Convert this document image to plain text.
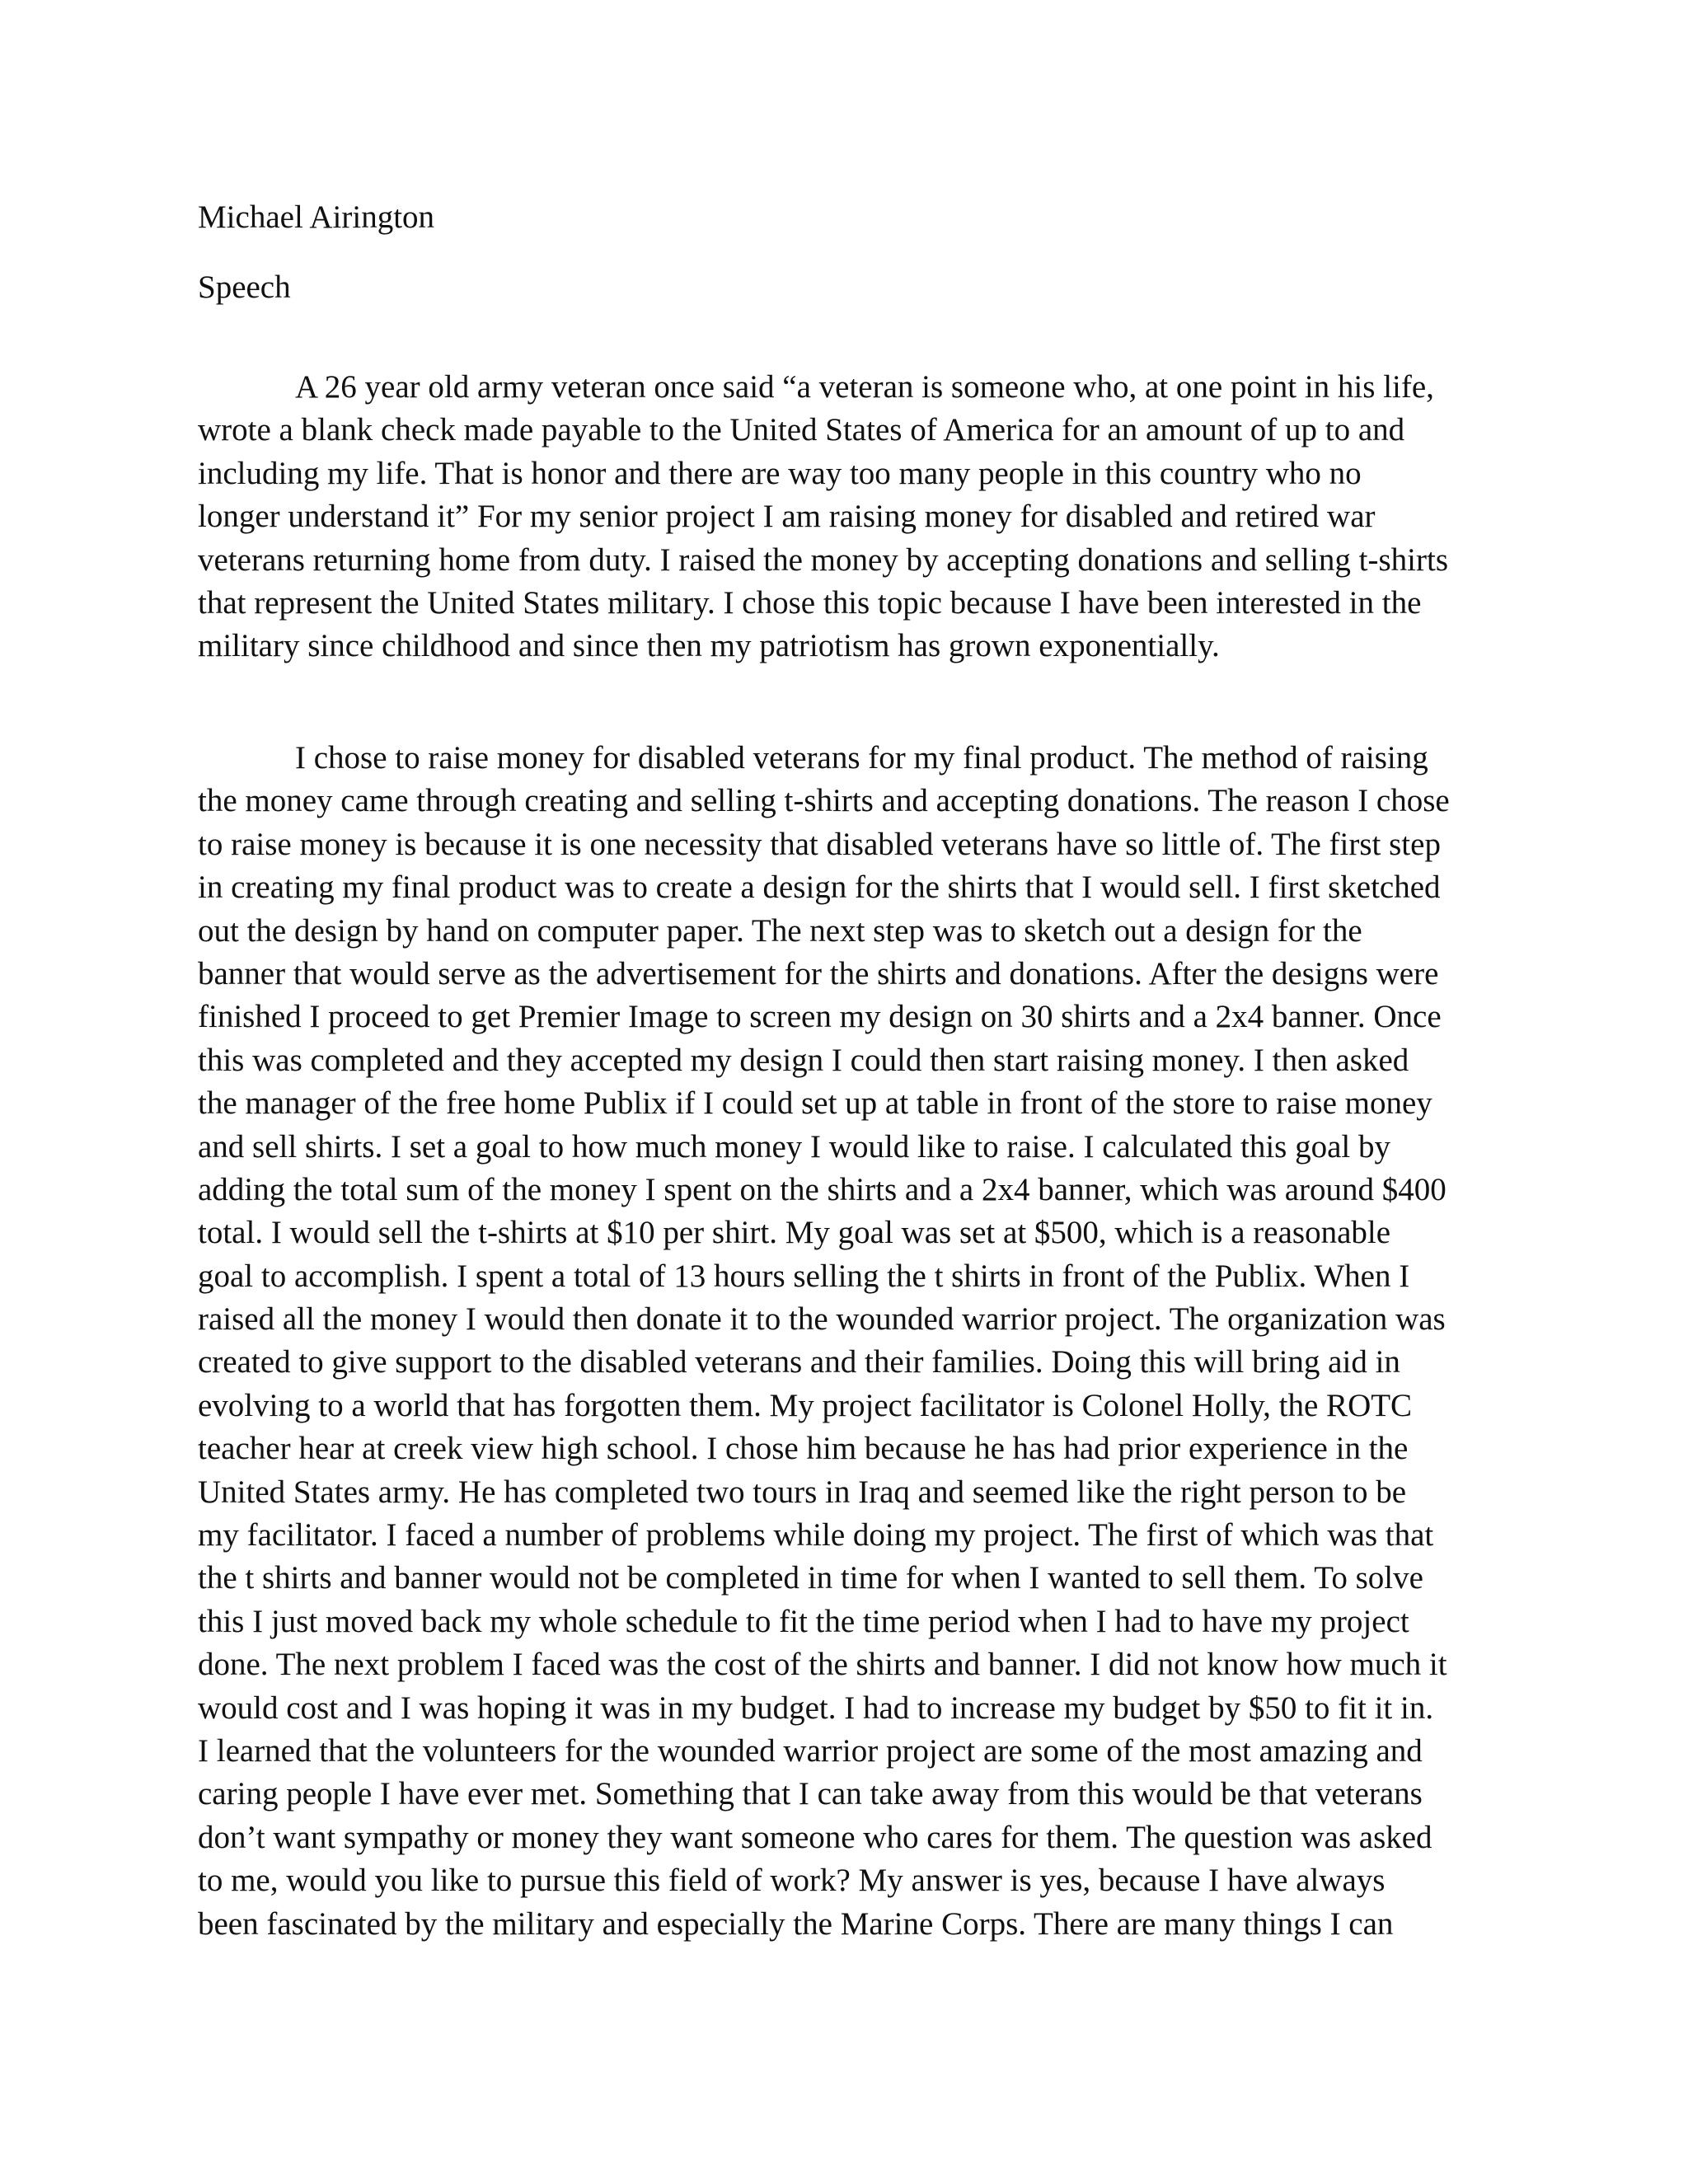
Michael Airington

Speech

A 26 year old army veteran once said “a veteran is someone who, at one point in his life,
wrote a blank check made payable to the United States of America for an amount of up to and
including my life. That is honor and there are way too many people in this country who no
longer understand it” For my senior project I am raising money for disabled and retired war
veterans returning home from duty. I raised the money by accepting donations and selling t-shirts
that represent the United States military. I chose this topic because I have been interested in the
military since childhood and since then my patriotism has grown exponentially.
I chose to raise money for disabled veterans for my final product. The method of raising
the money came through creating and selling t-shirts and accepting donations. The reason I chose
to raise money is because it is one necessity that disabled veterans have so little of. The first step
in creating my final product was to create a design for the shirts that I would sell. I first sketched
out the design by hand on computer paper. The next step was to sketch out a design for the
banner that would serve as the advertisement for the shirts and donations. After the designs were
finished I proceed to get Premier Image to screen my design on 30 shirts and a 2x4 banner. Once
this was completed and they accepted my design I could then start raising money. I then asked
the manager of the free home Publix if I could set up at table in front of the store to raise money
and sell shirts. I set a goal to how much money I would like to raise. I calculated this goal by
adding the total sum of the money I spent on the shirts and a 2x4 banner, which was around $400
total. I would sell the t-shirts at $10 per shirt. My goal was set at $500, which is a reasonable
goal to accomplish. I spent a total of 13 hours selling the t shirts in front of the Publix. When I
raised all the money I would then donate it to the wounded warrior project. The organization was
created to give support to the disabled veterans and their families. Doing this will bring aid in
evolving to a world that has forgotten them. My project facilitator is Colonel Holly, the ROTC
teacher hear at creek view high school. I chose him because he has had prior experience in the
United States army. He has completed two tours in Iraq and seemed like the right person to be
my facilitator. I faced a number of problems while doing my project. The first of which was that
the t shirts and banner would not be completed in time for when I wanted to sell them. To solve
this I just moved back my whole schedule to fit the time period when I had to have my project
done. The next problem I faced was the cost of the shirts and banner. I did not know how much it
would cost and I was hoping it was in my budget. I had to increase my budget by $50 to fit it in.
I learned that the volunteers for the wounded warrior project are some of the most amazing and
caring people I have ever met. Something that I can take away from this would be that veterans
don’t want sympathy or money they want someone who cares for them. The question was asked
to me, would you like to pursue this field of work? My answer is yes, because I have always
been fascinated by the military and especially the Marine Corps. There are many things I can
